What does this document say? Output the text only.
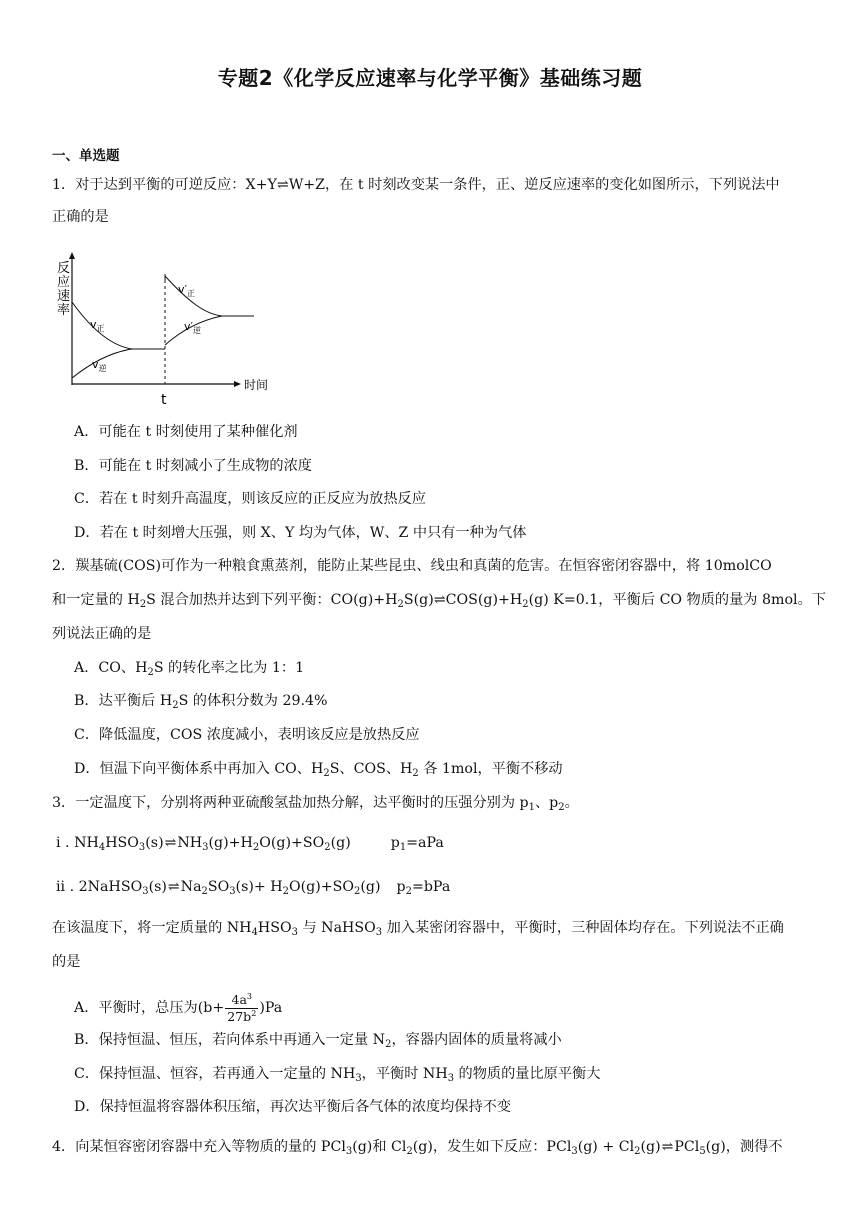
专题2《化学反应速率与化学平衡》基础练习题
一、单选题
1．对于达到平衡的可逆反应：X+Y⇌W+Z，在 t 时刻改变某一条件，正、逆反应速率的变化如图所示，下列说法中
正确的是
反
应
速
率
时间
t
$v_正$
$v_逆$
$v'_正$
$v'_逆$
A．可能在 t 时刻使用了某种催化剂
B．可能在 t 时刻减小了生成物的浓度
C．若在 t 时刻升高温度，则该反应的正反应为放热反应
D．若在 t 时刻增大压强，则 X、Y 均为气体，W、Z 中只有一种为气体
2．羰基硫(COS)可作为一种粮食熏蒸剂，能防止某些昆虫、线虫和真菌的危害。在恒容密闭容器中，将 10molCO
和一定量的 $H_2S$ 混合加热并达到下列平衡：$CO(g)+H_2S(g)\rightleftharpoons COS(g)+H_2(g)$ K=0.1，平衡后 CO 物质的量为 8mol。下
列说法正确的是
A．CO、$H_2S$ 的转化率之比为 1：1
B．达平衡后 $H_2S$ 的体积分数为 29.4%
C．降低温度，COS 浓度减小，表明该反应是放热反应
D．恒温下向平衡体系中再加入 CO、$H_2S$、COS、$H_2$ 各 1mol，平衡不移动
3．一定温度下，分别将两种亚硫酸氢盐加热分解，达平衡时的压强分别为 $p_1$、$p_2$。
i . $NH_4HSO_3(s)\rightleftharpoons NH_3(g)+H_2O(g)+SO_2(g)$	$p_1=aPa$
ii . $2NaHSO_3(s)\rightleftharpoons Na_2SO_3(s)+ H_2O(g)+SO_2(g)$ $p_2=bPa$
在该温度下，将一定质量的 $NH_4HSO_3$ 与 NaHSO$_3$ 加入某密闭容器中，平衡时，三种固体均存在。下列说法不正确
的是
A．平衡时，总压为$(b+ \frac{4a^3}{27b^2} )Pa$
B．保持恒温、恒压，若向体系中再通入一定量 $N_2$，容器内固体的质量将减小
C．保持恒温、恒容，若再通入一定量的 $NH_3$，平衡时 $NH_3$ 的物质的量比原平衡大
D．保持恒温将容器体积压缩，再次达平衡后各气体的浓度均保持不变
4．向某恒容密闭容器中充入等物质的量的 PCl$_3$(g)和 $Cl_2(g)$，发生如下反应：$PCl_3(g) + Cl_2(g)\rightleftharpoons PCl_5(g)$，测得不
